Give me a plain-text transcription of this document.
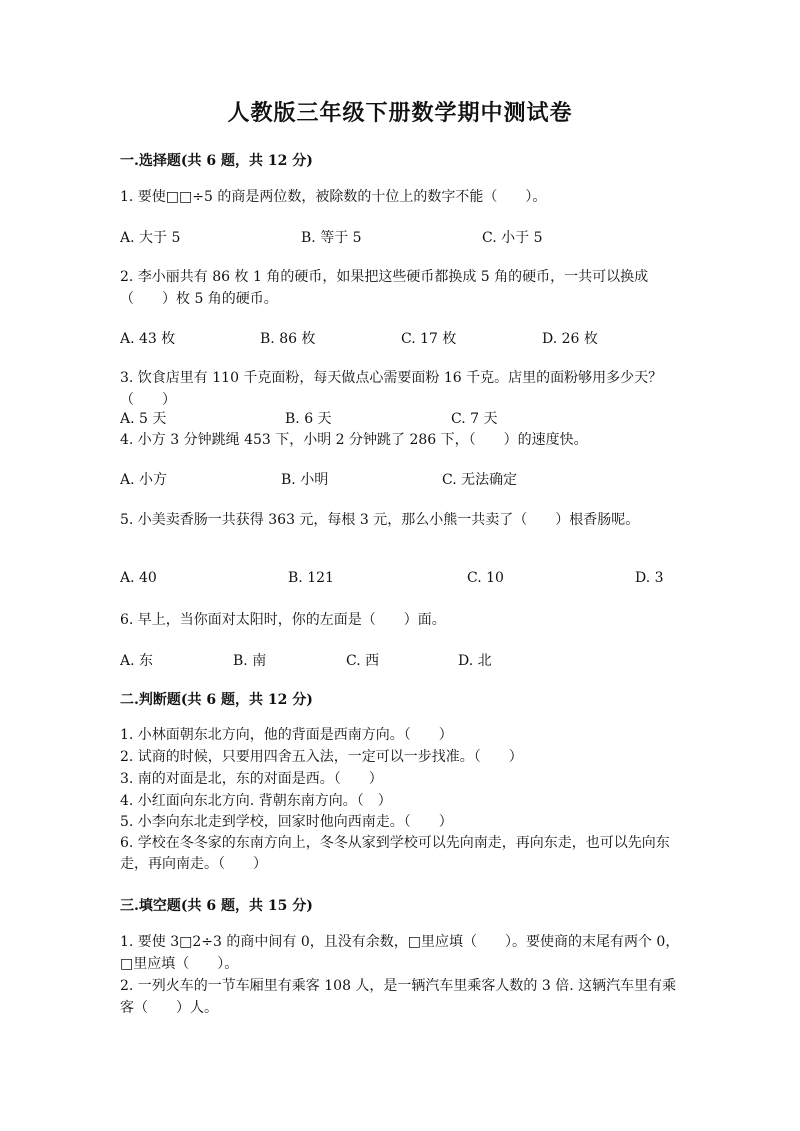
人教版三年级下册数学期中测试卷
一.选择题(共 6 题，共 12 分)
1. 要使□□÷5 的商是两位数，被除数的十位上的数字不能（　　）。
A. 大于 5	B. 等于 5	C. 小于 5
2. 李小丽共有 86 枚 1 角的硬币，如果把这些硬币都换成 5 角的硬币，一共可以换成（　　）枚 5 角的硬币。
A. 43 枚	B. 86 枚	C. 17 枚	D. 26 枚
3. 饮食店里有 110 千克面粉，每天做点心需要面粉 16 千克。店里的面粉够用多少天？（　　）
A. 5 天	B. 6 天	C. 7 天
4. 小方 3 分钟跳绳 453 下，小明 2 分钟跳了 286 下，（　　）的速度快。
A. 小方	B. 小明	C. 无法确定
5. 小美卖香肠一共获得 363 元，每根 3 元，那么小熊一共卖了（　　）根香肠呢。
A. 40	B. 121	C. 10	D. 3
6. 早上，当你面对太阳时，你的左面是（　　）面。
A. 东	B. 南	C. 西	D. 北
二.判断题(共 6 题，共 12 分)
1. 小林面朝东北方向，他的背面是西南方向。（　　）
2. 试商的时候，只要用四舍五入法，一定可以一步找准。（　　）
3. 南的对面是北，东的对面是西。（　　）
4. 小红面向东北方向. 背朝东南方向。（　）
5. 小李向东北走到学校，回家时他向西南走。（　　）
6. 学校在冬冬家的东南方向上，冬冬从家到学校可以先向南走，再向东走，也可以先向东走，再向南走。（　　）
三.填空题(共 6 题，共 15 分)
1. 要使 3□2÷3 的商中间有 0，且没有余数，□里应填（　　）。要使商的末尾有两个 0，□里应填（　　）。
2. 一列火车的一节车厢里有乘客 108 人，是一辆汽车里乘客人数的 3 倍. 这辆汽车里有乘客（　　）人。
